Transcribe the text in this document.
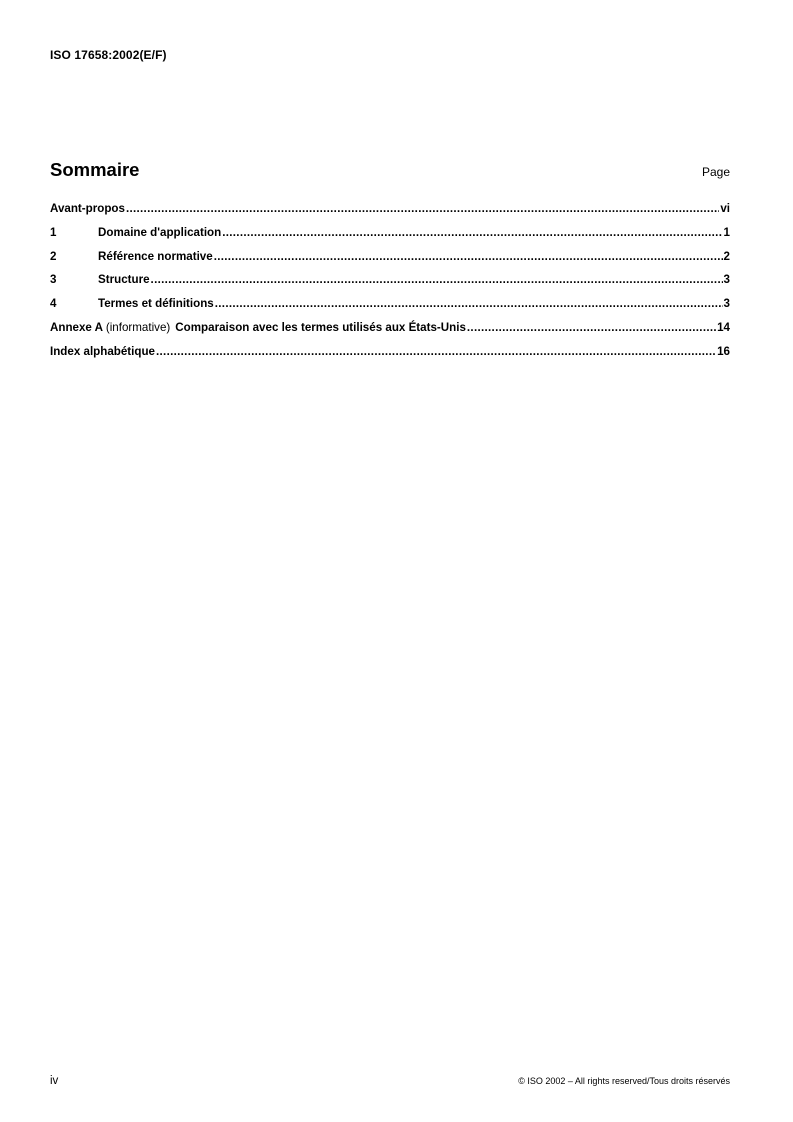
ISO 17658:2002(E/F)
Sommaire	Page
Avant-propos .....	vi
1	Domaine d'application .....	1
2	Référence normative .....	2
3	Structure .....	3
4	Termes et définitions .....	3
Annexe A (informative) Comparaison avec les termes utilisés aux États-Unis .....	14
Index alphabétique .....	16
iv	© ISO 2002 – All rights reserved/Tous droits réservés
